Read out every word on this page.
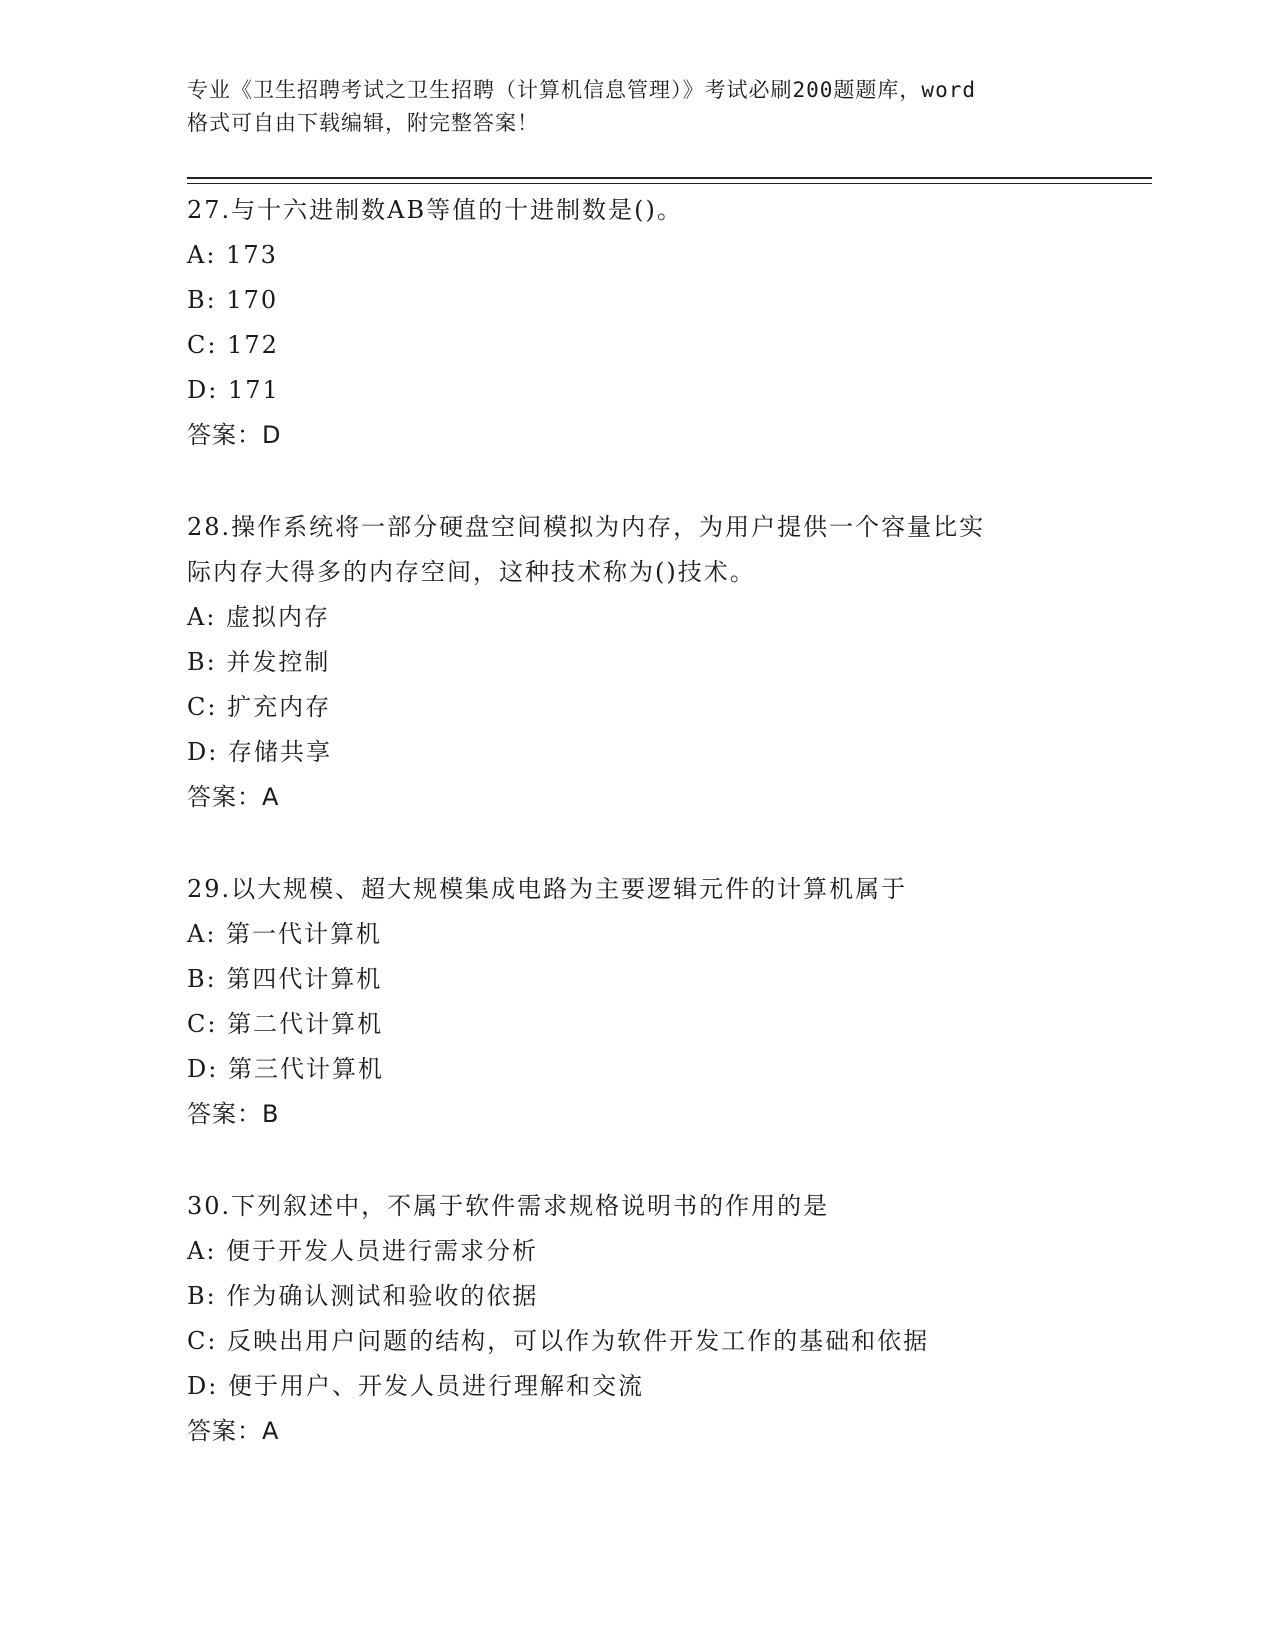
专业《卫生招聘考试之卫生招聘（计算机信息管理）》考试必刷200题题库，word
格式可自由下载编辑，附完整答案！
27.与十六进制数AB等值的十进制数是()。
A: 173
B: 170
C: 172
D: 171
答案：D
28.操作系统将一部分硬盘空间模拟为内存，为用户提供一个容量比实
际内存大得多的内存空间，这种技术称为()技术。
A: 虚拟内存
B: 并发控制
C: 扩充内存
D: 存储共享
答案：A
29.以大规模、超大规模集成电路为主要逻辑元件的计算机属于
A: 第一代计算机
B: 第四代计算机
C: 第二代计算机
D: 第三代计算机
答案：B
30.下列叙述中，不属于软件需求规格说明书的作用的是
A: 便于开发人员进行需求分析
B: 作为确认测试和验收的依据
C: 反映出用户问题的结构，可以作为软件开发工作的基础和依据
D: 便于用户、开发人员进行理解和交流
答案：A
